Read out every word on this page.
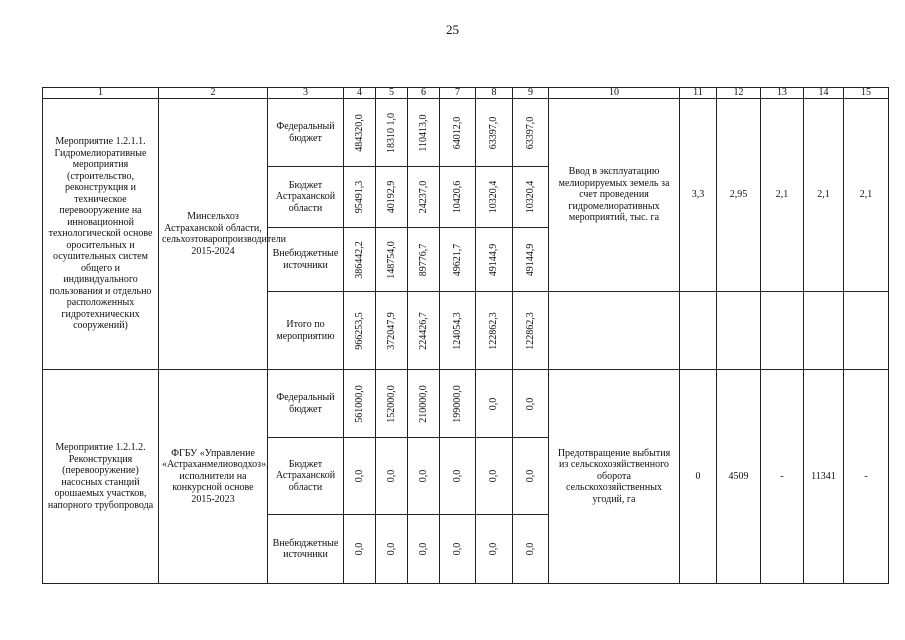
25
1	2	3	4	5	6	7	8	9	10	11	12	13	14	15
Мероприятие 1.2.1.1. Гидромелиоративные мероприятия (строительство, реконструкция и техническое перевооружение на инновационной технологической основе оросительных и осушительных систем общего и индивидуального пользования и отдельно расположенных гидротехнических сооружений)	Минсельхоз Астраханской области, сельхозтоваропроизводители 2015-2024	Федеральный бюджет	484320,0	18310 1,0	110413,0	64012,0	63397,0	63397,0	Ввод в эксплуатацию мелиорируемых земель за счет проведения гидромелиоративных мероприятий, тыс. га	3,3	2,95	2,1	2,1	2,1
		Бюджет Астраханской области	95491,3	40192,9	24237,0	10420,6	10320,4	10320,4						

		Внебюджетные источники	386442,2	148754,0	89776,7	49621,7	49144,9	49144,9						

		Итого по мероприятию	966253,5	372047,9	224426,7	124054,3	122862,3	122862,3						

Мероприятие 1.2.1.2. Реконструкция (перевооружение) насосных станций орошаемых участков, напорного трубопровода	ФГБУ «Управление «Астраханмелиоводхоз», исполнители на конкурсной основе 2015-2023	Федеральный бюджет	561000,0	152000,0	210000,0	199000,0	0,0	0,0	Предотвращение выбытия из сельскохозяйственного оборота сельскохозяйственных угодий, га	0	4509	-	11341	-
		Бюджет Астраханской области	0,0	0,0	0,0	0,0	0,0	0,0						

		Внебюджетные источники	0,0	0,0	0,0	0,0	0,0	0,0						
